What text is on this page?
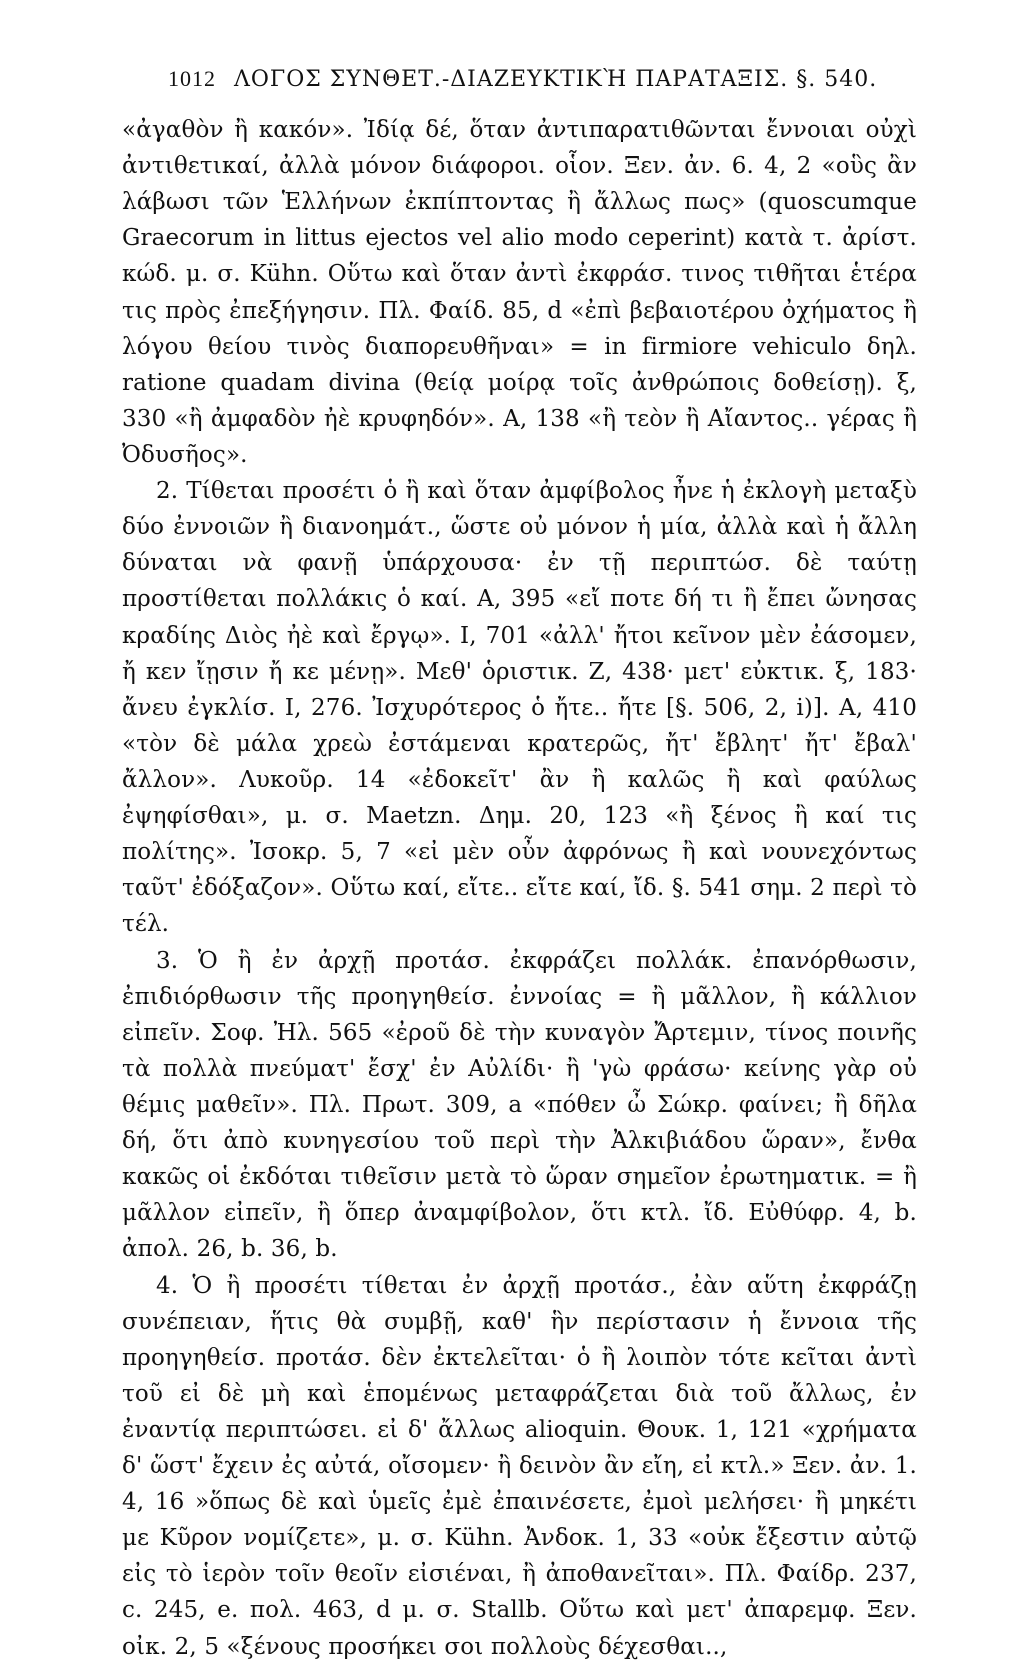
1012 ΛΟΓΟΣ ΣΥΝΘΕΤ.-ΔΙΑΖΕΥΚΤΙΚῊ ΠΑΡΑΤΑΞΙΣ. §. 540.

«ἀγαθὸν ἢ κακόν». Ἰδίᾳ δέ, ὅταν ἀντιπαρατιθῶνται ἔννοιαι οὐχὶ ἀντιθετικαί, ἀλλὰ μόνον διάφοροι. οἷον. Ξεν. ἀν. 6. 4, 2 «οὓς ἂν λάβωσι τῶν Ἑλλήνων ἐκπίπτοντας ἢ ἄλλως πως» (quoscumque Graecorum in littus ejectos vel alio modo ceperint) κατὰ τ. ἀρίστ. κώδ. μ. σ. Kühn. Οὕτω καὶ ὅταν ἀντὶ ἐκφράσ. τινος τιθῆται ἑτέρα τις πρὸς ἐπεξήγησιν. Πλ. Φαίδ. 85, d «ἐπὶ βεβαιοτέρου ὀχήματος ἢ λόγου θείου τινὸς διαπορευθῆναι» = in firmiore vehiculo δηλ. ratione quadam divina (θείᾳ μοίρᾳ τοῖς ἀνθρώποις δοθείσῃ). ξ, 330 «ἢ ἀμφαδὸν ἠὲ κρυφηδόν». Α, 138 «ἢ τεὸν ἢ Αἴαντος.. γέρας ἢ Ὀδυσῆος».

2. Τίθεται προσέτι ὁ ἢ καὶ ὅταν ἀμφίβολος ἦνε ἡ ἐκλογὴ μεταξὺ δύο ἐννοιῶν ἢ διανοημάτ., ὥστε οὐ μόνον ἡ μία, ἀλλὰ καὶ ἡ ἄλλη δύναται νὰ φανῇ ὑπάρχουσα· ἐν τῇ περιπτώσ. δὲ ταύτῃ προστίθεται πολλάκις ὁ καί. Α, 395 «εἴ ποτε δή τι ἢ ἔπει ὤνησας κραδίης Διὸς ἠὲ καὶ ἔργῳ». Ι, 701 «ἀλλ' ἤτοι κεῖνον μὲν ἐάσομεν, ἤ κεν ἴῃσιν ἤ κε μένῃ». Μεθ' ὁριστικ. Ζ, 438· μετ' εὐκτικ. ξ, 183· ἄνευ ἐγκλίσ. Ι, 276. Ἰσχυρότερος ὁ ἤτε.. ἤτε [§. 506, 2, i)]. Α, 410 «τὸν δὲ μάλα χρεὼ ἐστάμεναι κρατερῶς, ἤτ' ἔβλητ' ἤτ' ἔβαλ' ἄλλον». Λυκοῦρ. 14 «ἐδοκεῖτ' ἂν ἢ καλῶς ἢ καὶ φαύλως ἐψηφίσθαι», μ. σ. Maetzn. Δημ. 20, 123 «ἢ ξένος ἢ καί τις πολίτης». Ἰσοκρ. 5, 7 «εἰ μὲν οὖν ἀφρόνως ἢ καὶ νουνεχόντως ταῦτ' ἐδόξαζον». Οὕτω καί, εἴτε.. εἴτε καί, ἴδ. §. 541 σημ. 2 περὶ τὸ τέλ.

3. Ὁ ἢ ἐν ἀρχῇ προτάσ. ἐκφράζει πολλάκ. ἐπανόρθωσιν, ἐπιδιόρθωσιν τῆς προηγηθείσ. ἐννοίας = ἢ μᾶλλον, ἢ κάλλιον εἰπεῖν. Σοφ. Ἠλ. 565 «ἐροῦ δὲ τὴν κυναγὸν Ἄρτεμιν, τίνος ποινῆς τὰ πολλὰ πνεύματ' ἔσχ' ἐν Αὐλίδι· ἢ 'γὼ φράσω· κείνης γὰρ οὐ θέμις μαθεῖν». Πλ. Πρωτ. 309, a «πόθεν ὦ Σώκρ. φαίνει; ἢ δῆλα δή, ὅτι ἀπὸ κυνηγεσίου τοῦ περὶ τὴν Ἀλκιβιάδου ὥραν», ἔνθα κακῶς οἱ ἐκδόται τιθεῖσιν μετὰ τὸ ὥραν σημεῖον ἐρωτηματικ. = ἢ μᾶλλον εἰπεῖν, ἢ ὅπερ ἀναμφίβολον, ὅτι κτλ. ἴδ. Εὐθύφρ. 4, b. ἀπολ. 26, b. 36, b.

4. Ὁ ἢ προσέτι τίθεται ἐν ἀρχῇ προτάσ., ἐὰν αὕτη ἐκφράζῃ συνέπειαν, ἥτις θὰ συμβῇ, καθ' ἣν περίστασιν ἡ ἔννοια τῆς προηγηθείσ. προτάσ. δὲν ἐκτελεῖται· ὁ ἢ λοιπὸν τότε κεῖται ἀντὶ τοῦ εἰ δὲ μὴ καὶ ἑπομένως μεταφράζεται διὰ τοῦ ἄλλως, ἐν ἐναντίᾳ περιπτώσει. εἰ δ' ἄλλως alioquin. Θουκ. 1, 121 «χρήματα δ' ὥστ' ἔχειν ἐς αὐτά, οἴσομεν· ἢ δεινὸν ἂν εἴη, εἰ κτλ.» Ξεν. ἀν. 1. 4, 16 »ὅπως δὲ καὶ ὑμεῖς ἐμὲ ἐπαινέσετε, ἐμοὶ μελήσει· ἢ μηκέτι με Κῦρον νομίζετε», μ. σ. Kühn. Ἀνδοκ. 1, 33 «οὐκ ἔξεστιν αὐτῷ εἰς τὸ ἱερὸν τοῖν θεοῖν εἰσιέναι, ἢ ἀποθανεῖται». Πλ. Φαίδρ. 237, c. 245, e. πολ. 463, d μ. σ. Stallb. Οὕτω καὶ μετ' ἀπαρεμφ. Ξεν. οἰκ. 2, 5 «ξένους προσήκει σοι πολλοὺς δέχεσθαι..,
